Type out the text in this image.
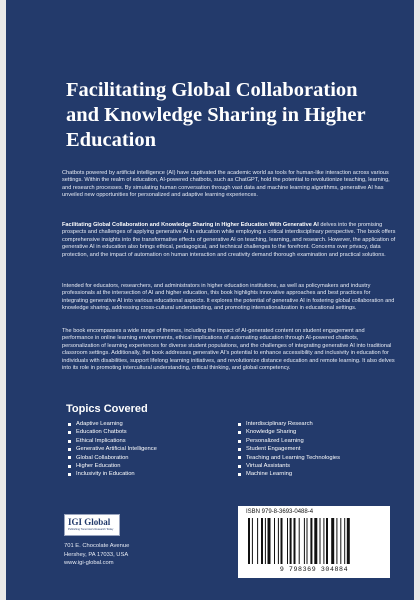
Facilitating Global Collaboration and Knowledge Sharing in Higher Education

Chatbots powered by artificial intelligence (AI) have captivated the academic world as tools for human-like interaction across various settings. Within the realm of education, AI-powered chatbots, such as ChatGPT, hold the potential to revolutionize teaching, learning, and research processes. By simulating human conversation through vast data and machine learning algorithms, generative AI has unveiled new opportunities for personalized and adaptive learning experiences.

Facilitating Global Collaboration and Knowledge Sharing in Higher Education With Generative AI delves into the promising prospects and challenges of applying generative AI in education while employing a critical interdisciplinary perspective. The book offers comprehensive insights into the transformative effects of generative AI on teaching, learning, and research. However, the application of generative AI in education also brings ethical, pedagogical, and technical challenges to the forefront. Concerns over privacy, data protection, and the impact of automation on human interaction and creativity demand thorough examination and practical solutions.

Intended for educators, researchers, and administrators in higher education institutions, as well as policymakers and industry professionals at the intersection of AI and higher education, this book highlights innovative approaches and best practices for integrating generative AI into various educational aspects. It explores the potential of generative AI in fostering global collaboration and knowledge sharing, addressing cross-cultural understanding, and promoting internationalization in educational settings.

The book encompasses a wide range of themes, including the impact of AI-generated content on student engagement and performance in online learning environments, ethical implications of automating education through AI-powered chatbots, personalization of learning experiences for diverse student populations, and the challenges of integrating generative AI into traditional classroom settings. Additionally, the book addresses generative AI's potential to enhance accessibility and inclusivity in education for individuals with disabilities, support lifelong learning initiatives, and revolutionize distance education and remote learning. It also delves into its role in promoting intercultural understanding, critical thinking, and global competency.

Topics Covered
Adaptive Learning
Education Chatbots
Ethical Implications
Generative Artificial Intelligence
Global Collaboration
Higher Education
Inclusivity in Education
Interdisciplinary Research
Knowledge Sharing
Personalized Learning
Student Engagement
Teaching and Learning Technologies
Virtual Assistants
Machine Learning
IGI Global
Publishing Tomorrow's Research Today

701 E. Chocolate Avenue
Hershey, PA 17033, USA
www.igi-global.com

ISBN 979-8-3693-0488-4
9 798369 304884
